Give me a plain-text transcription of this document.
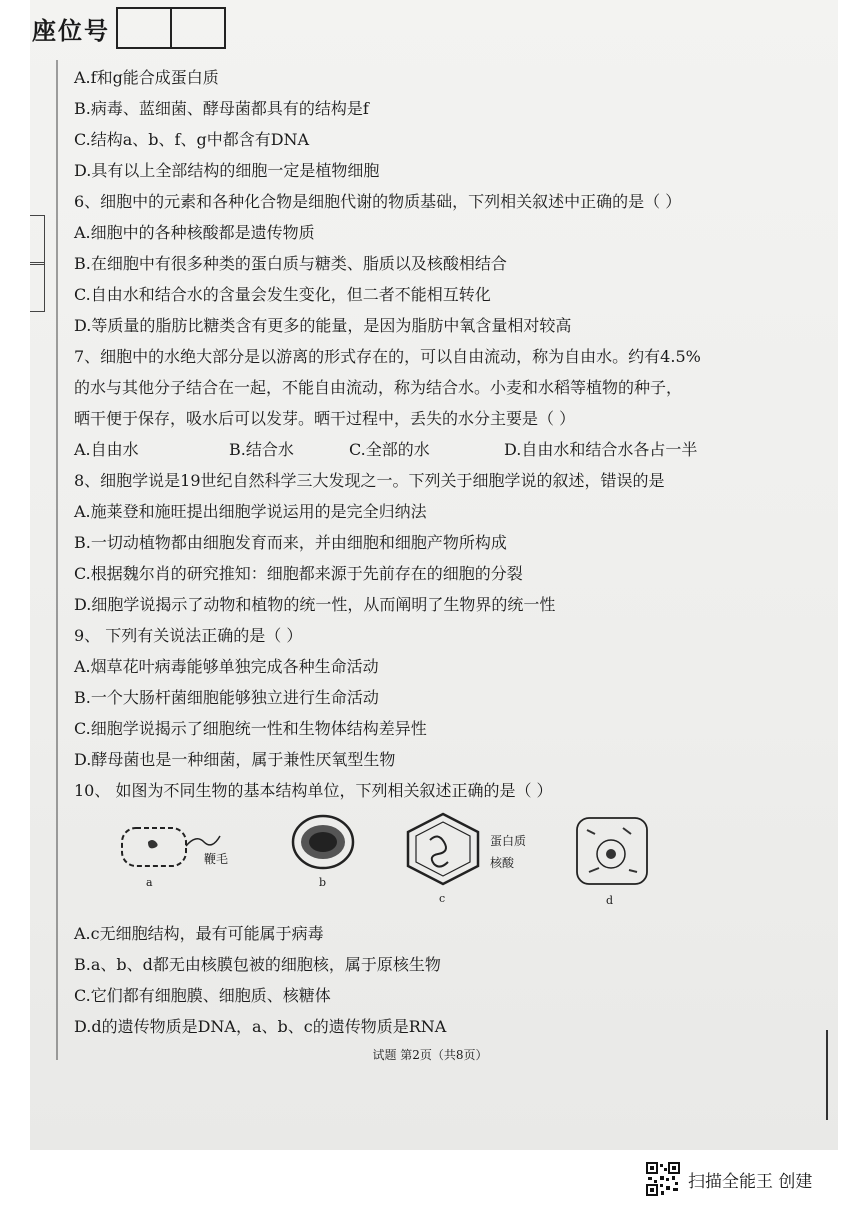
座位号
A.f和g能合成蛋白质
B.病毒、蓝细菌、酵母菌都具有的结构是f
C.结构a、b、f、g中都含有DNA
D.具有以上全部结构的细胞一定是植物细胞
6、细胞中的元素和各种化合物是细胞代谢的物质基础，下列相关叙述中正确的是（ ）
A.细胞中的各种核酸都是遗传物质
B.在细胞中有很多种类的蛋白质与糖类、脂质以及核酸相结合
C.自由水和结合水的含量会发生变化，但二者不能相互转化
D.等质量的脂肪比糖类含有更多的能量，是因为脂肪中氧含量相对较高
7、细胞中的水绝大部分是以游离的形式存在的，可以自由流动，称为自由水。约有4.5%
的水与其他分子结合在一起，不能自由流动，称为结合水。小麦和水稻等植物的种子，
晒干便于保存，吸水后可以发芽。晒干过程中，丢失的水分主要是（ ）
A.自由水	B.结合水	C.全部的水	D.自由水和结合水各占一半
8、细胞学说是19世纪自然科学三大发现之一。下列关于细胞学说的叙述，错误的是
A.施莱登和施旺提出细胞学说运用的是完全归纳法
B.一切动植物都由细胞发育而来，并由细胞和细胞产物所构成
C.根据魏尔肖的研究推知：细胞都来源于先前存在的细胞的分裂
D.细胞学说揭示了动物和植物的统一性，从而阐明了生物界的统一性
9、 下列有关说法正确的是（ ）
A.烟草花叶病毒能够单独完成各种生命活动
B.一个大肠杆菌细胞能够独立进行生命活动
C.细胞学说揭示了细胞统一性和生物体结构差异性
D.酵母菌也是一种细菌，属于兼性厌氧型生物
10、 如图为不同生物的基本结构单位，下列相关叙述正确的是（ ）
a
鞭毛
b
蛋白质
核酸
c	d
A.c无细胞结构，最有可能属于病毒
B.a、b、d都无由核膜包被的细胞核，属于原核生物
C.它们都有细胞膜、细胞质、核糖体
D.d的遗传物质是DNA，a、b、c的遗传物质是RNA
试题 第2页（共8页）
扫描全能王 创建
